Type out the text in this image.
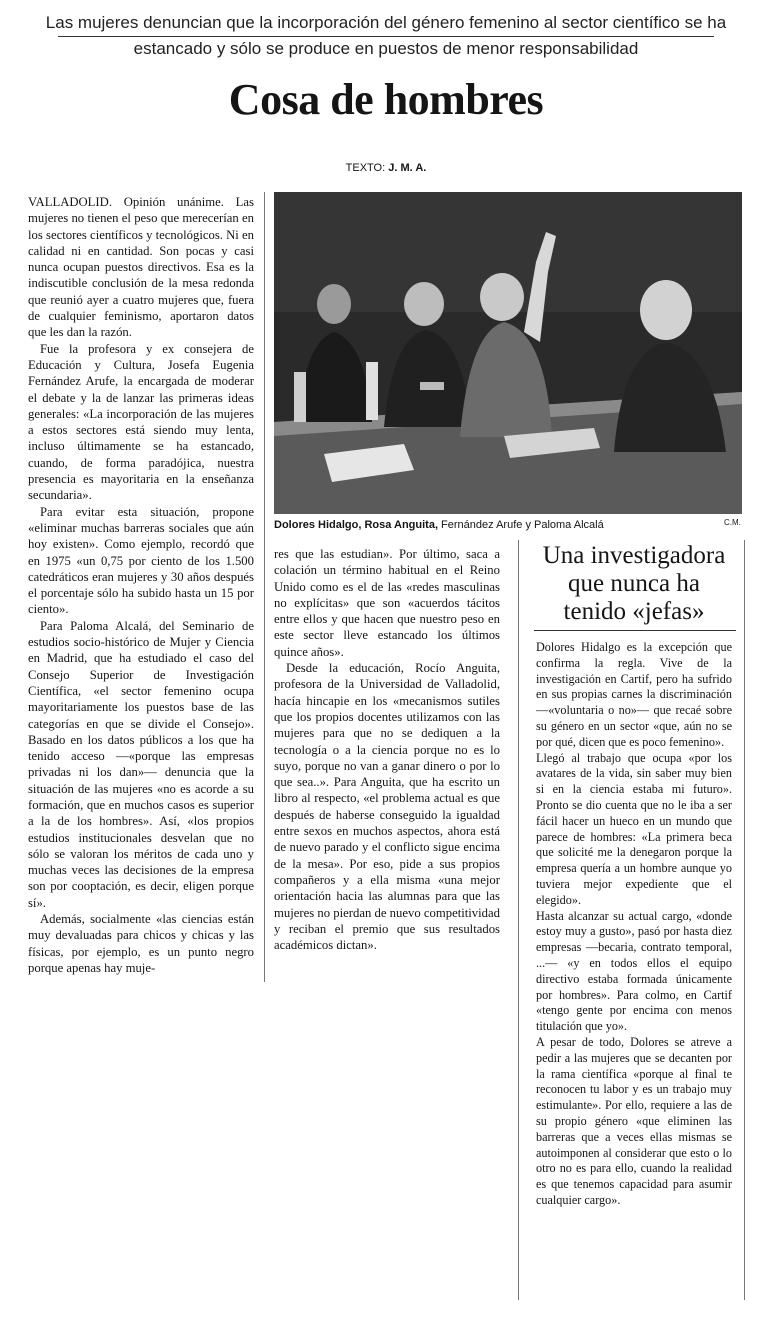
Las mujeres denuncian que la incorporación del género femenino al sector científico se ha
estancado y sólo se produce en puestos de menor responsabilidad
Cosa de hombres
TEXTO: J. M. A.

VALLADOLID. Opinión unánime. Las mujeres no tienen el peso que merecerían en los sectores científicos y tecnológicos. Ni en calidad ni en cantidad. Son pocas y casi nunca ocupan puestos directivos. Esa es la indiscutible conclusión de la mesa redonda que reunió ayer a cuatro mujeres que, fuera de cualquier feminismo, aportaron datos que les dan la razón.

Fue la profesora y ex consejera de Educación y Cultura, Josefa Eugenia Fernández Arufe, la encargada de moderar el debate y la de lanzar las primeras ideas generales: «La incorporación de las mujeres a estos sectores está siendo muy lenta, incluso últimamente se ha estancado, cuando, de forma paradójica, nuestra presencia es mayoritaria en la enseñanza secundaria».

Para evitar esta situación, propone «eliminar muchas barreras sociales que aún hoy existen». Como ejemplo, recordó que en 1975 «un 0,75 por ciento de los 1.500 catedráticos eran mujeres y 30 años después el porcentaje sólo ha subido hasta un 15 por ciento».

Para Paloma Alcalá, del Seminario de estudios socio-histórico de Mujer y Ciencia en Madrid, que ha estudiado el caso del Consejo Superior de Investigación Científica, «el sector femenino ocupa mayoritariamente los puestos base de las categorías en que se divide el Consejo». Basado en los datos públicos a los que ha tenido acceso —«porque las empresas privadas ni los dan»— denuncia que la situación de las mujeres «no es acorde a su formación, que en muchos casos es superior a la de los hombres». Así, «los propios estudios institucionales desvelan que no sólo se valoran los méritos de cada uno y muchas veces las decisiones de la empresa son por cooptación, es decir, eligen porque sí».

Además, socialmente «las ciencias están muy devaluadas para chicos y chicas y las físicas, por ejemplo, es un punto negro porque apenas hay muje-

Dolores Hidalgo, Rosa Anguita, Fernández Arufe y Paloma Alcalá	C.M.

res que las estudian». Por último, saca a colación un término habitual en el Reino Unido como es el de las «redes masculinas no explícitas» que son «acuerdos tácitos entre ellos y que hacen que nuestro peso en este sector lleve estancado los últimos quince años».

Desde la educación, Rocío Anguita, profesora de la Universidad de Valladolid, hacía hincapie en los «mecanismos sutiles que los propios docentes utilizamos con las mujeres para que no se dediquen a la tecnología o a la ciencia porque no es lo suyo, porque no van a ganar dinero o por lo que sea..». Para Anguita, que ha escrito un libro al respecto, «el problema actual es que después de haberse conseguido la igualdad entre sexos en muchos aspectos, ahora está de nuevo parado y el conflicto sigue encima de la mesa». Por eso, pide a sus propios compañeros y a ella misma «una mejor orientación hacia las alumnas para que las mujeres no pierdan de nuevo competitividad y reciban el premio que sus resultados académicos dictan».

Una investigadora que nunca ha tenido «jefas»

Dolores Hidalgo es la excepción que confirma la regla. Vive de la investigación en Cartif, pero ha sufrido en sus propias carnes la discriminación —«voluntaria o no»— que recaé sobre su género en un sector «que, aún no se por qué, dicen que es poco femenino».

Llegó al trabajo que ocupa «por los avatares de la vida, sin saber muy bien si en la ciencia estaba mi futuro». Pronto se dio cuenta que no le iba a ser fácil hacer un hueco en un mundo que parece de hombres: «La primera beca que solicité me la denegaron porque la empresa quería a un hombre aunque yo tuviera mejor expediente que el elegido».

Hasta alcanzar su actual cargo, «donde estoy muy a gusto», pasó por hasta diez empresas —becaria, contrato temporal, ...— «y en todos ellos el equipo directivo estaba formada únicamente por hombres». Para colmo, en Cartif «tengo gente por encima con menos titulación que yo».

A pesar de todo, Dolores se atreve a pedir a las mujeres que se decanten por la rama científica «porque al final te reconocen tu labor y es un trabajo muy estimulante». Por ello, requiere a las de su propio género «que eliminen las barreras que a veces ellas mismas se autoimponen al considerar que esto o lo otro no es para ello, cuando la realidad es que tenemos capacidad para asumir cualquier cargo».
